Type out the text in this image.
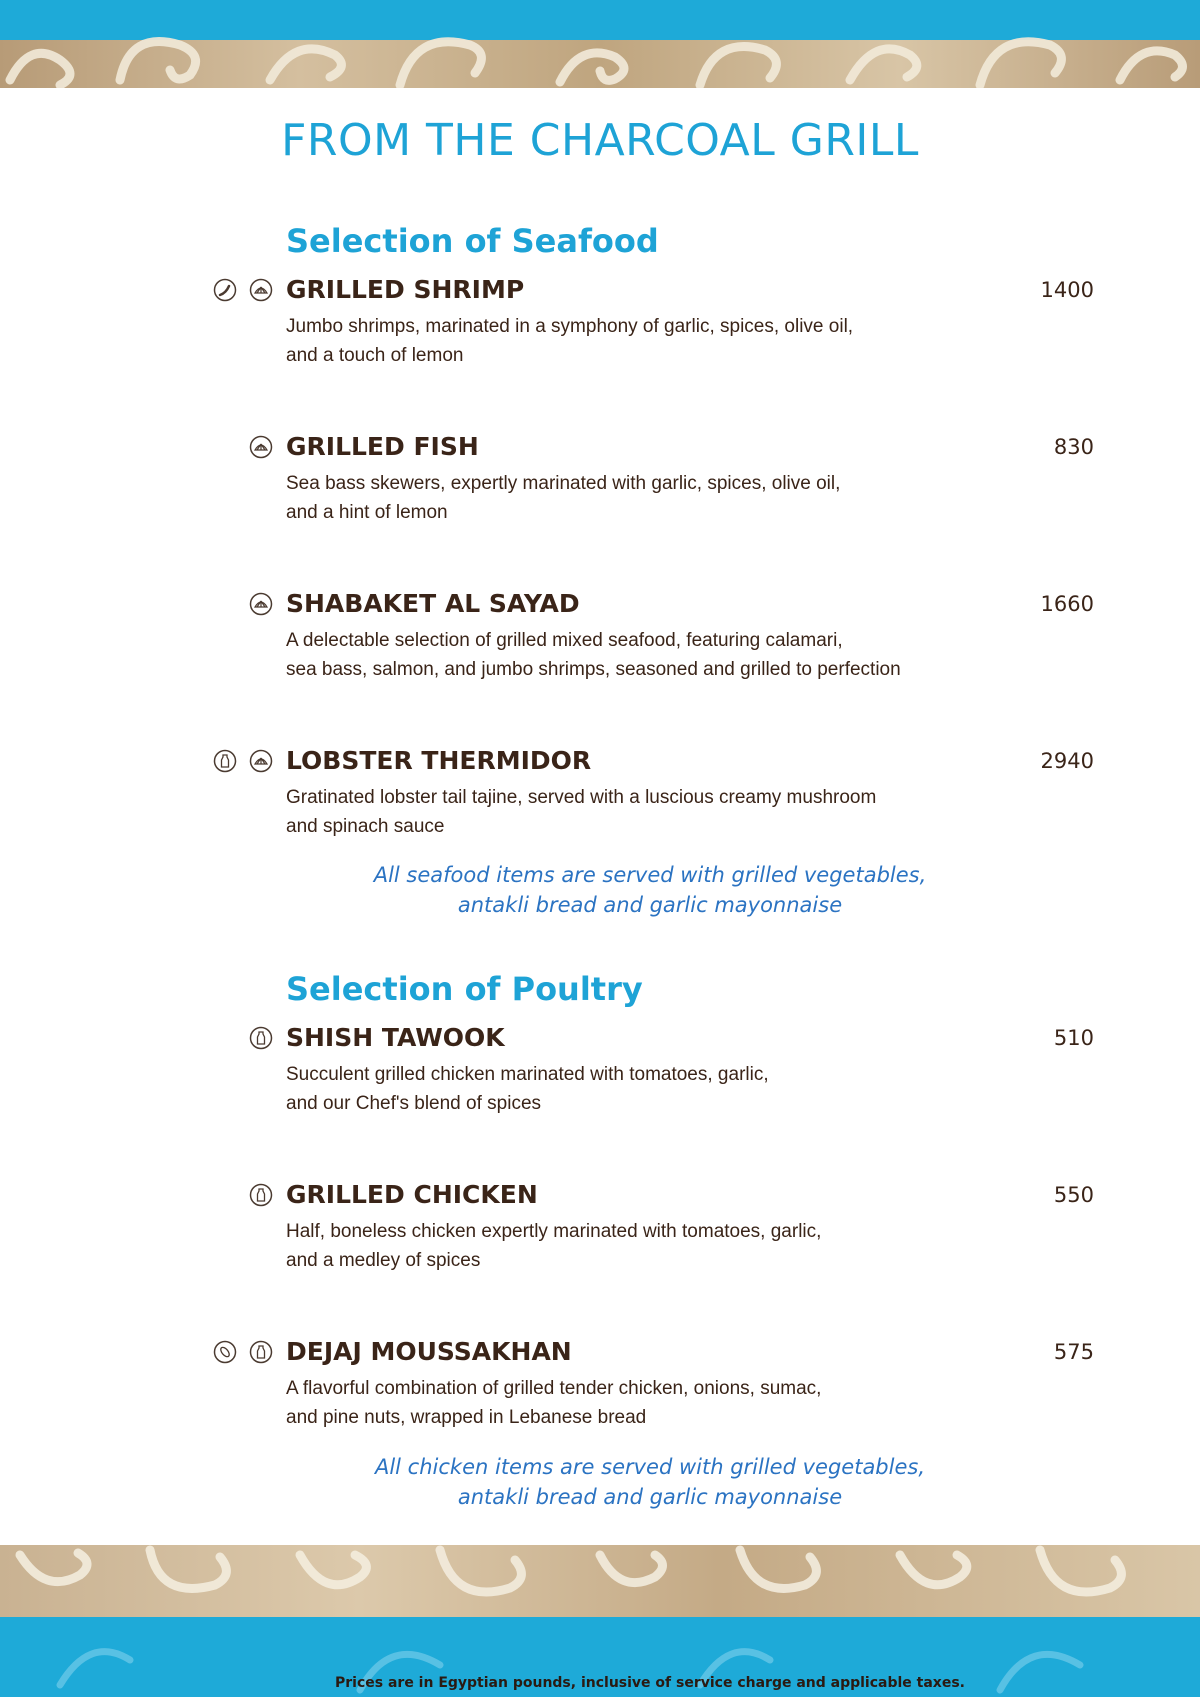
FROM THE CHARCOAL GRILL
Selection of Seafood
GRILLED SHRIMP	1400
Jumbo shrimps, marinated in a symphony of garlic, spices, olive oil,
and a touch of lemon
GRILLED FISH	830
Sea bass skewers, expertly marinated with garlic, spices, olive oil,
and a hint of lemon
SHABAKET AL SAYAD	1660
A delectable selection of grilled mixed seafood, featuring calamari,
sea bass, salmon, and jumbo shrimps, seasoned and grilled to perfection
LOBSTER THERMIDOR	2940
Gratinated lobster tail tajine, served with a luscious creamy mushroom
and spinach sauce
All seafood items are served with grilled vegetables,
antakli bread and garlic mayonnaise
Selection of Poultry
SHISH TAWOOK	510
Succulent grilled chicken marinated with tomatoes, garlic,
and our Chef's blend of spices
GRILLED CHICKEN	550
Half, boneless chicken expertly marinated with tomatoes, garlic,
and a medley of spices
DEJAJ MOUSSAKHAN	575
A flavorful combination of grilled tender chicken, onions, sumac,
and pine nuts, wrapped in Lebanese bread
All chicken items are served with grilled vegetables,
antakli bread and garlic mayonnaise
Prices are in Egyptian pounds, inclusive of service charge and applicable taxes.
